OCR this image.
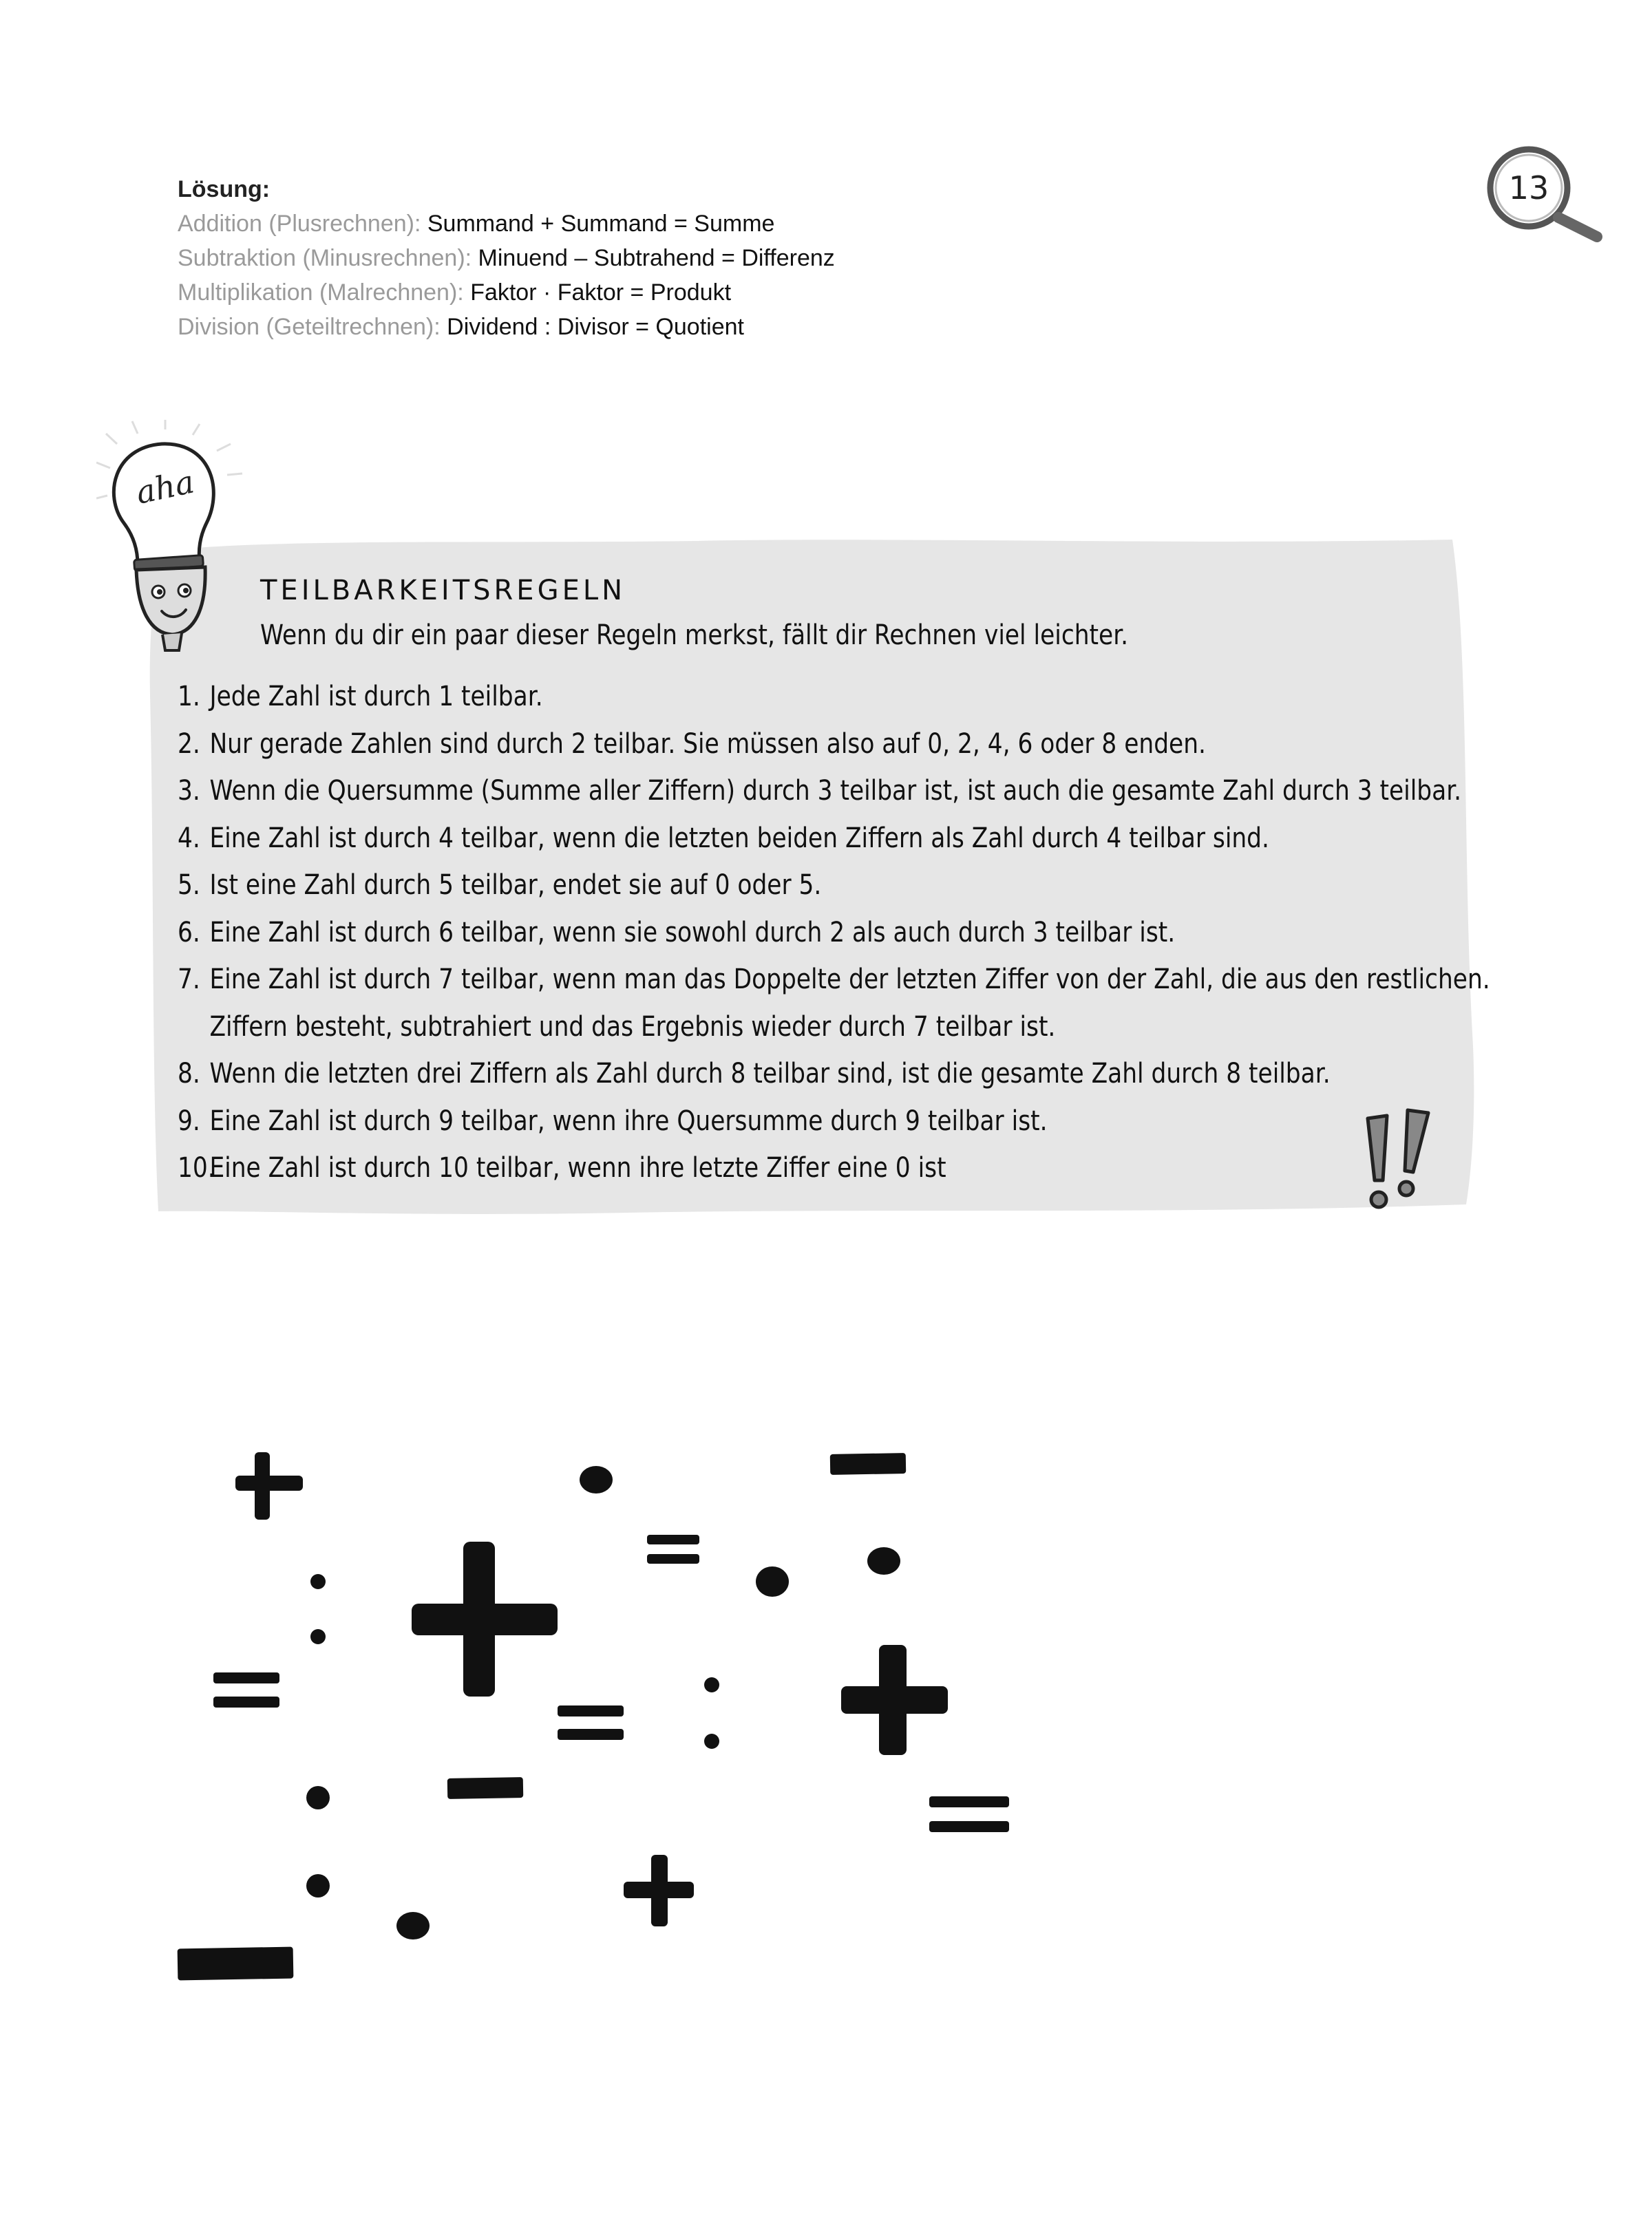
Lösung:
Addition (Plusrechnen): Summand + Summand = Summe
Subtraktion (Minusrechnen): Minuend – Subtrahend = Differenz
Multiplikation (Malrechnen): Faktor · Faktor = Produkt
Division (Geteiltrechnen): Dividend : Divisor = Quotient
13
aha
TEILBARKEITSREGELN
Wenn du dir ein paar dieser Regeln merkst, fällt dir Rechnen viel leichter.
1. Jede Zahl ist durch 1 teilbar.
2. Nur gerade Zahlen sind durch 2 teilbar. Sie müssen also auf 0, 2, 4, 6 oder 8 enden.
3. Wenn die Quersumme (Summe aller Ziffern) durch 3 teilbar ist, ist auch die gesamte Zahl durch 3 teilbar.
4. Eine Zahl ist durch 4 teilbar, wenn die letzten beiden Ziffern als Zahl durch 4 teilbar sind.
5. Ist eine Zahl durch 5 teilbar, endet sie auf 0 oder 5.
6. Eine Zahl ist durch 6 teilbar, wenn sie sowohl durch 2 als auch durch 3 teilbar ist.
7. Eine Zahl ist durch 7 teilbar, wenn man das Doppelte der letzten Ziffer von der Zahl, die aus den restlichen.
Ziffern besteht, subtrahiert und das Ergebnis wieder durch 7 teilbar ist.
8. Wenn die letzten drei Ziffern als Zahl durch 8 teilbar sind, ist die gesamte Zahl durch 8 teilbar.
9. Eine Zahl ist durch 9 teilbar, wenn ihre Quersumme durch 9 teilbar ist.
10.
Eine Zahl ist durch 10 teilbar, wenn ihre letzte Ziffer eine 0 ist
